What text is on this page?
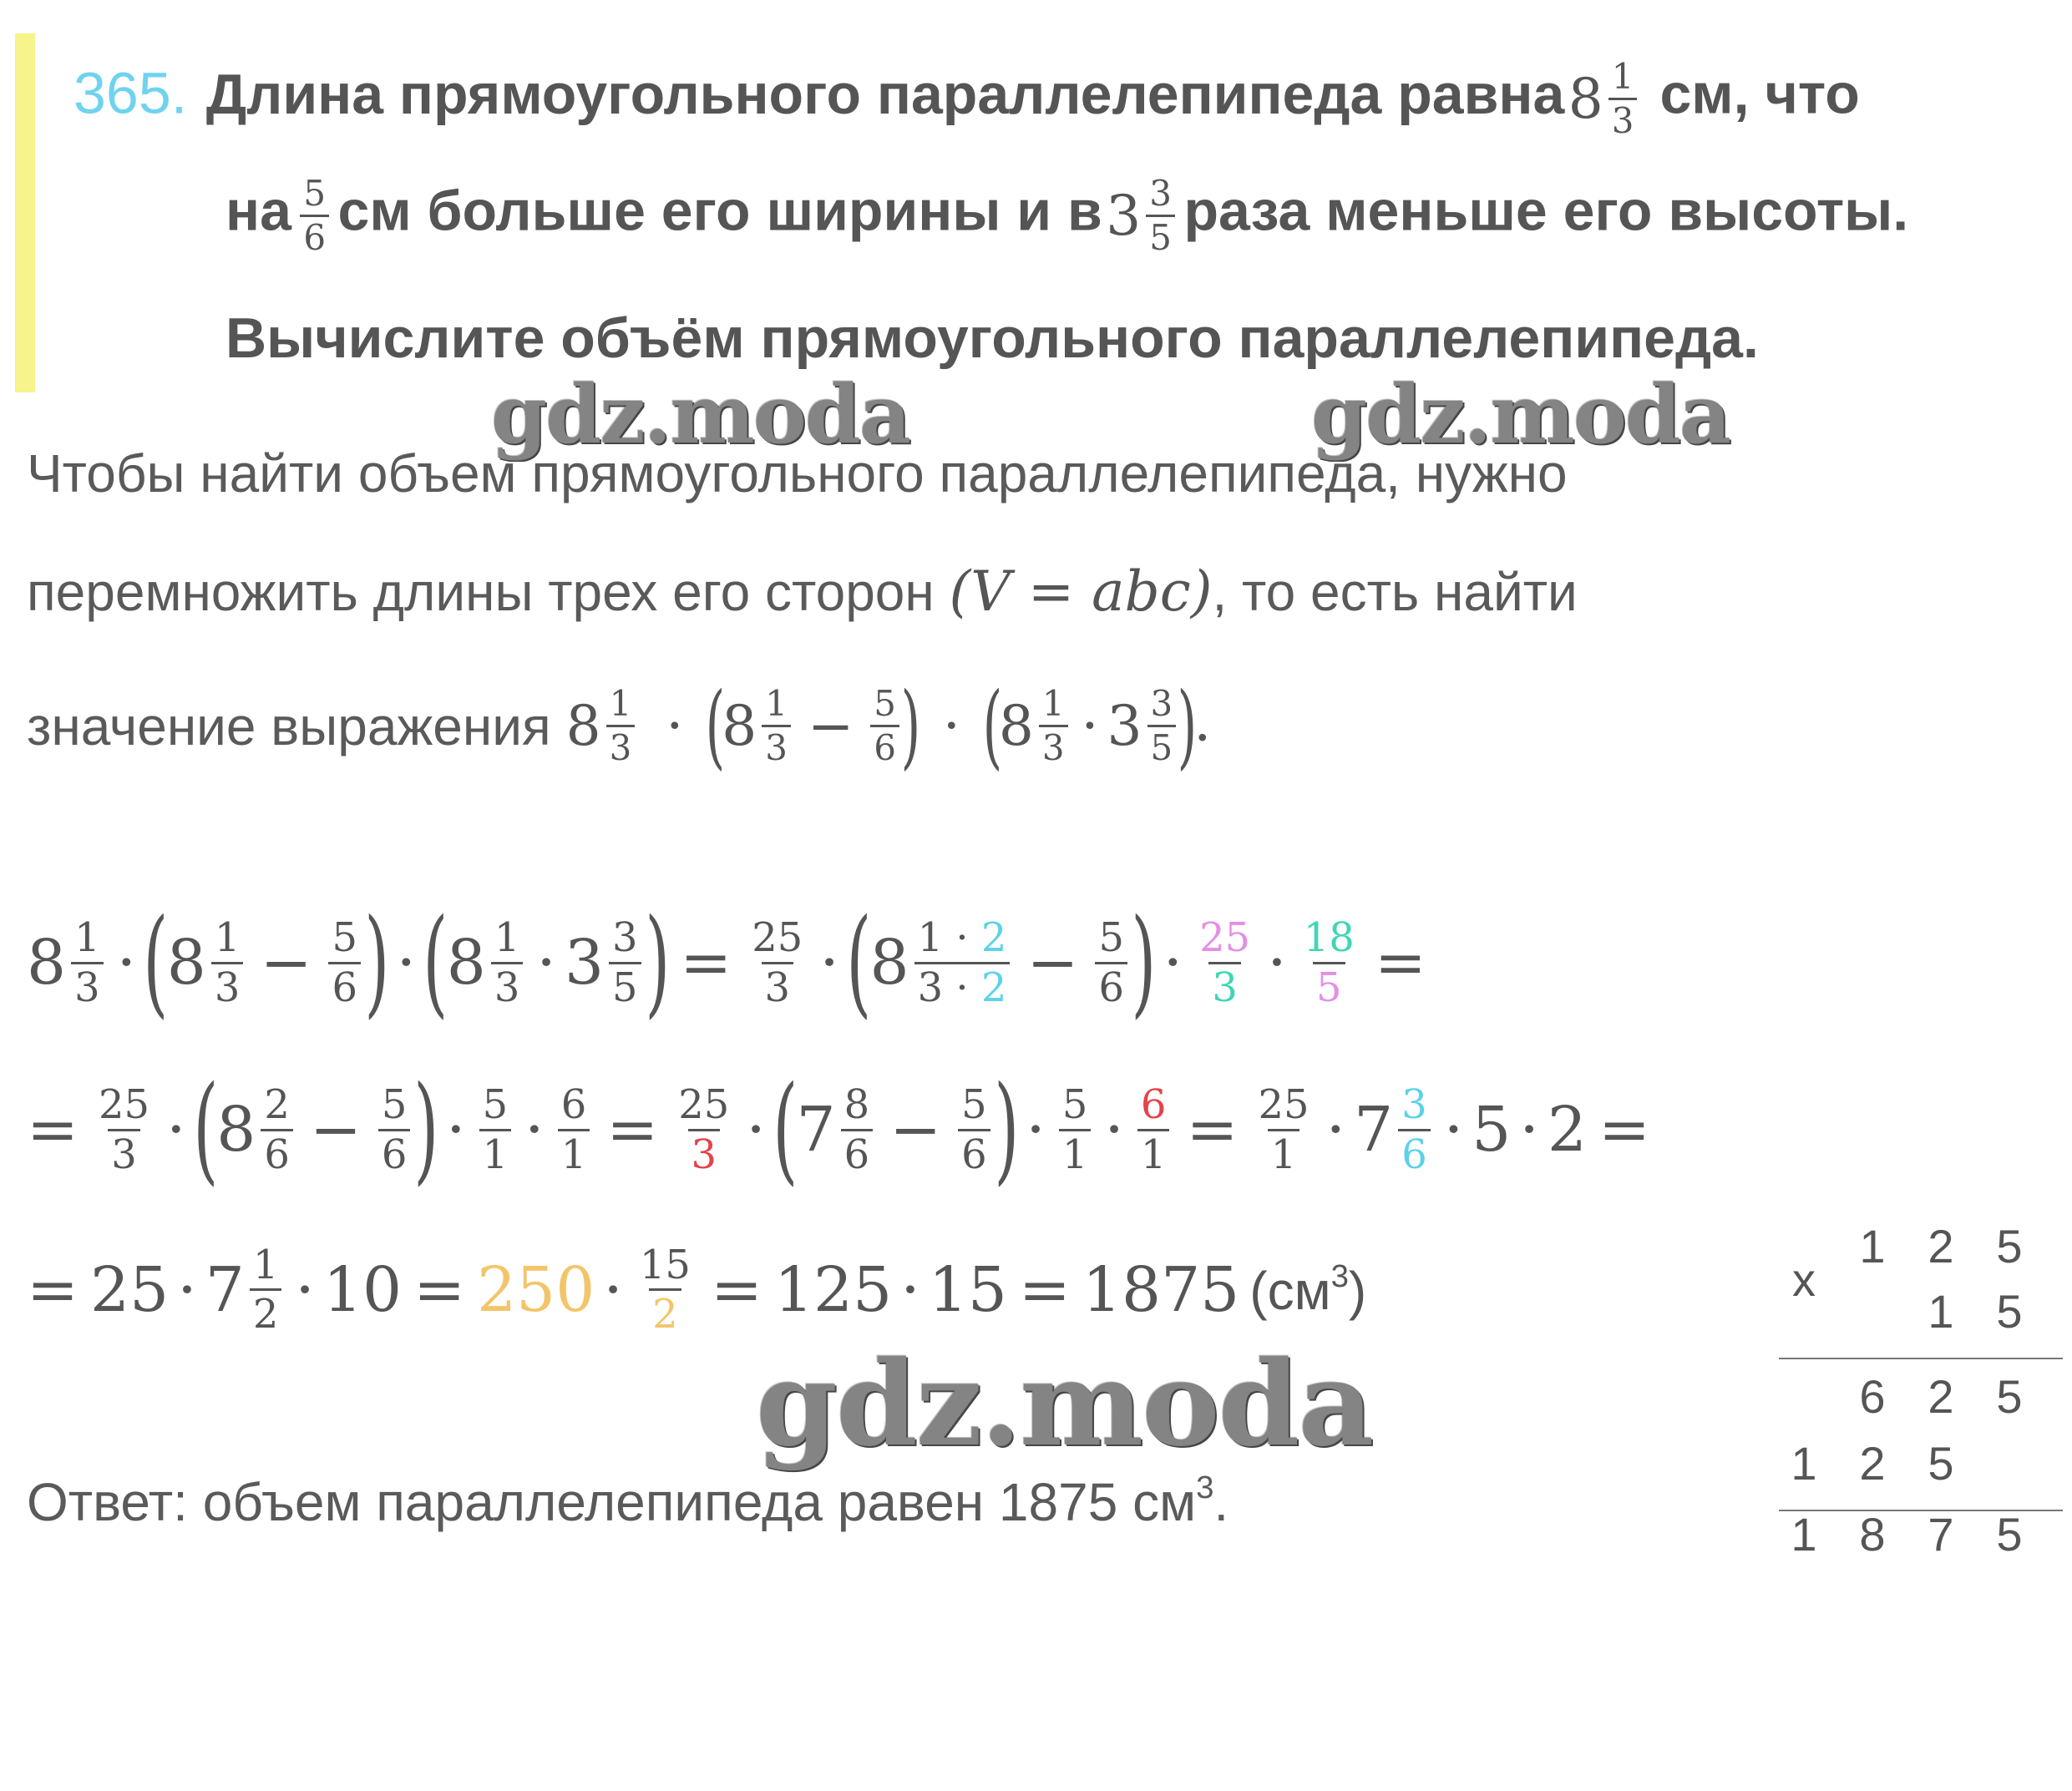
365. Длина прямоугольного параллелепипеда равна $8 \frac{1}{3}$ см, что
на $\frac{5}{6}$ см больше его ширины и в $3 \frac{3}{5}$ раза меньше его высоты.
Вычислите объём прямоугольного параллелепипеда.
gdz.moda	gdz.moda
gdz.moda
Чтобы найти объем прямоугольного параллелепипеда, нужно
перемножить длины трех его сторон (V = abc), то есть найти
значение выражения $8 \frac{1}{3} \cdot (8 \frac{1}{3} - \frac{5}{6}$ ) · ($8 \frac{1}{3} \cdot 3 \frac{3}{5}$ ).
$8 \frac{1}{3}$ · (
$8 \frac{1}{3} - \frac{5}{6}$ ) · (
$8 \frac{1}{3} \cdot 3 \frac{3}{5}$ ) = $\frac{25}{3}$ · (
$8 \frac{1 \cdot 2}{3 \cdot 2} - \frac{5}{6}$ ) · $\frac{25}{3} \cdot \frac{18}{5}$ =
= $\frac{25}{3}$ · (
$8 \frac{2}{6} - \frac{5}{6}$ ) · $\frac{5}{1} \cdot \frac{6}{1} = \frac{25}{3}$ · (
$7 \frac{8}{6} - \frac{5}{6}$ ) · $\frac{5}{1} \cdot \frac{6}{1} = \frac{25}{1} \cdot 7 \frac{3}{6} \cdot 5 \cdot 2$ =
= $25 \cdot 7 \frac{1}{2} \cdot 10 = 250 \cdot \frac{15}{2} = 125 \cdot 15 = 1875$ $(см^3)$
Ответ: объем параллелепипеда равен 1875 $см^3$.
x
1 2 5
1 5
6 2 5
1 2 5
1 8 7 5
